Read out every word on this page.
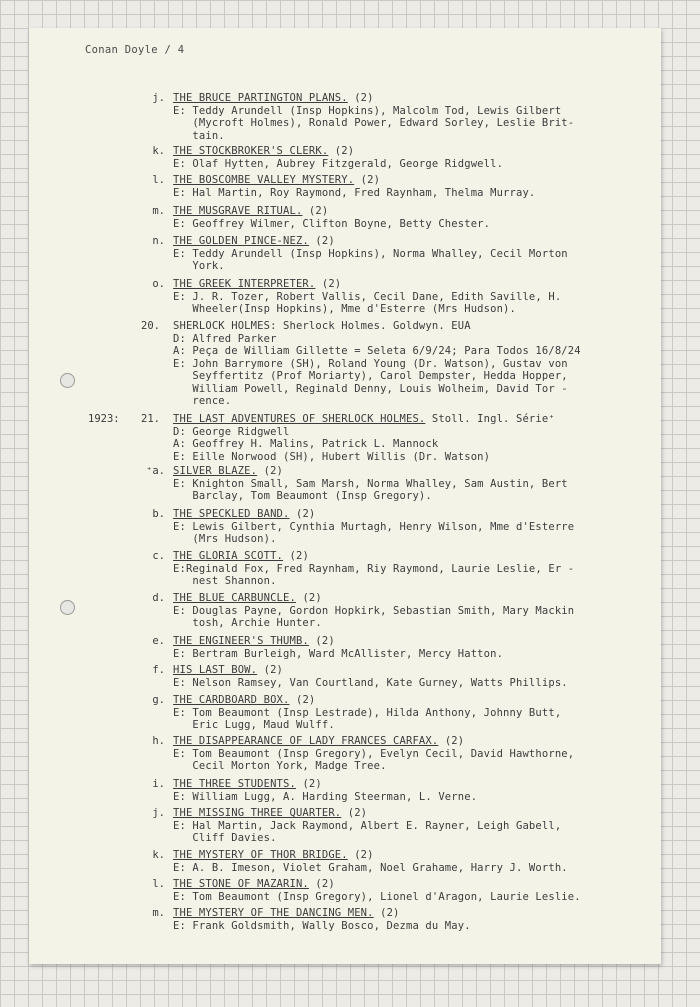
Conan Doyle / 4
1923:
j. THE BRUCE PARTINGTON PLANS. (2)
E: Teddy Arundell (Insp Hopkins), Malcolm Tod, Lewis Gilbert
(Mycroft Holmes), Ronald Power, Edward Sorley, Leslie Brit-
tain.
k. THE STOCKBROKER'S CLERK. (2)
E: Olaf Hytten, Aubrey Fitzgerald, George Ridgwell.
l. THE BOSCOMBE VALLEY MYSTERY. (2)
E: Hal Martin, Roy Raymond, Fred Raynham, Thelma Murray.
m. THE MUSGRAVE RITUAL. (2)
E: Geoffrey Wilmer, Clifton Boyne, Betty Chester.
n. THE GOLDEN PINCE-NEZ. (2)
E: Teddy Arundell (Insp Hopkins), Norma Whalley, Cecil Morton
York.
o. THE GREEK INTERPRETER. (2)
E: J. R. Tozer, Robert Vallis, Cecil Dane, Edith Saville, H.
Wheeler(Insp Hopkins), Mme d'Esterre (Mrs Hudson).
20. SHERLOCK HOLMES: Sherlock Holmes. Goldwyn. EUA
D: Alfred Parker
A: Peça de William Gillette = Seleta 6/9/24; Para Todos 16/8/24
E: John Barrymore (SH), Roland Young (Dr. Watson), Gustav von
Seyffertitz (Prof Moriarty), Carol Dempster, Hedda Hopper,
William Powell, Reginald Denny, Louis Wolheim, David Tor -
rence.
21. THE LAST ADVENTURES OF SHERLOCK HOLMES. Stoll. Ingl. Série⁺
D: George Ridgwell
A: Geoffrey H. Malins, Patrick L. Mannock
E: Eille Norwood (SH), Hubert Willis (Dr. Watson)
⁺a. SILVER BLAZE. (2)
E: Knighton Small, Sam Marsh, Norma Whalley, Sam Austin, Bert
Barclay, Tom Beaumont (Insp Gregory).
b. THE SPECKLED BAND. (2)
E: Lewis Gilbert, Cynthia Murtagh, Henry Wilson, Mme d'Esterre
(Mrs Hudson).
c. THE GLORIA SCOTT. (2)
E:Reginald Fox, Fred Raynham, Riy Raymond, Laurie Leslie, Er -
nest Shannon.
d. THE BLUE CARBUNCLE. (2)
E: Douglas Payne, Gordon Hopkirk, Sebastian Smith, Mary Mackin
tosh, Archie Hunter.
e. THE ENGINEER'S THUMB. (2)
E: Bertram Burleigh, Ward McAllister, Mercy Hatton.
f. HIS LAST BOW. (2)
E: Nelson Ramsey, Van Courtland, Kate Gurney, Watts Phillips.
g. THE CARDBOARD BOX. (2)
E: Tom Beaumont (Insp Lestrade), Hilda Anthony, Johnny Butt,
Eric Lugg, Maud Wulff.
h. THE DISAPPEARANCE OF LADY FRANCES CARFAX. (2)
E: Tom Beaumont (Insp Gregory), Evelyn Cecil, David Hawthorne,
Cecil Morton York, Madge Tree.
i. THE THREE STUDENTS. (2)
E: William Lugg, A. Harding Steerman, L. Verne.
j. THE MISSING THREE QUARTER. (2)
E: Hal Martin, Jack Raymond, Albert E. Rayner, Leigh Gabell,
Cliff Davies.
k. THE MYSTERY OF THOR BRIDGE. (2)
E: A. B. Imeson, Violet Graham, Noel Grahame, Harry J. Worth.
l. THE STONE OF MAZARIN. (2)
E: Tom Beaumont (Insp Gregory), Lionel d'Aragon, Laurie Leslie.
m. THE MYSTERY OF THE DANCING MEN. (2)
E: Frank Goldsmith, Wally Bosco, Dezma du May.
